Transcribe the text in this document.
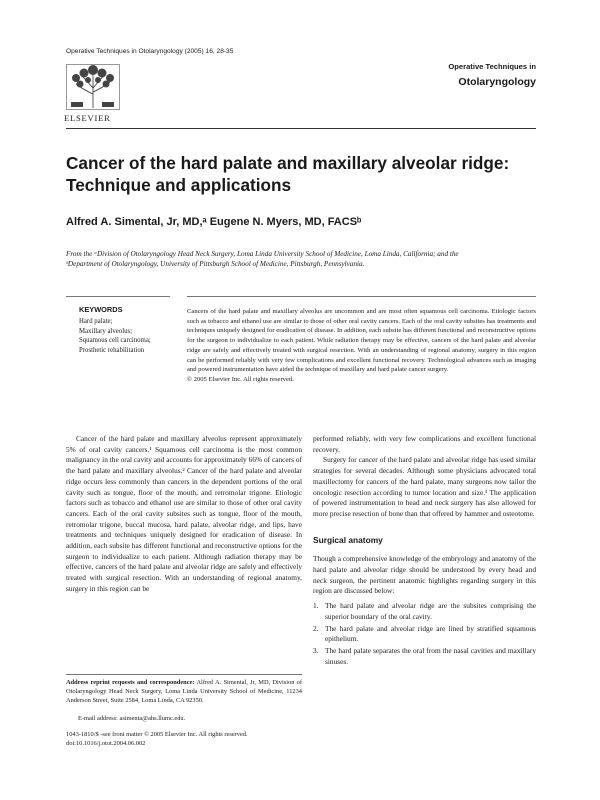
Operative Techniques in Otolaryngology (2005) 16, 28-35
ELSEVIER
Operative Techniques in
Otolaryngology
Cancer of the hard palate and maxillary alveolar ridge: Technique and applications
Alfred A. Simental, Jr, MD,ᵃ Eugene N. Myers, MD, FACSᵇ
From the ᵃDivision of Otolaryngology Head Neck Surgery, Loma Linda University School of Medicine, Loma Linda, California; and the
ᵇDepartment of Otolaryngology, University of Pittsburgh School of Medicine, Pittsburgh, Pennsylvania.
KEYWORDS
Hard palate;
Maxillary alveolus;
Squamous cell carcinoma;
Prosthetic rehabilitation
Cancers of the hard palate and maxillary alveolus are uncommon and are most often squamous cell carcinoma. Etiologic factors such as tobacco and ethanol use are similar to those of other oral cavity cancers. Each of the oral cavity subsites has treatments and techniques uniquely designed for eradication of disease. In addition, each subsite has different functional and reconstructive options for the surgeon to individualize to each patient. While radiation therapy may be effective, cancers of the hard palate and alveolar ridge are safely and effectively treated with surgical resection. With an understanding of regional anatomy, surgery in this region can be performed reliably with very few complications and excellent functional recovery. Technological advances such as imaging and powered instrumentation have aided the technique of maxillary and hard palate cancer surgery.
© 2005 Elsevier Inc. All rights reserved.

Cancer of the hard palate and maxillary alveolus represent approximately 5% of oral cavity cancers.¹ Squamous cell carcinoma is the most common malignancy in the oral cavity and accounts for approximately 66% of cancers of the hard palate and maxillary alveolus.² Cancer of the hard palate and alveolar ridge occurs less commonly than cancers in the dependent portions of the oral cavity such as tongue, floor of the mouth, and retromolar trigone. Etiologic factors such as tobacco and ethanol use are similar to those of other oral cavity cancers. Each of the oral cavity subsites such as tongue, floor of the mouth, retromolar trigone, buccal mucosa, hard palate, alveolar ridge, and lips, have treatments and techniques uniquely designed for eradication of disease. In addition, each subsite has different functional and reconstructive options for the surgeon to individualize to each patient. Although radiation therapy may be effective, cancers of the hard palate and alveolar ridge are safely and effectively treated with surgical resection. With an understanding of regional anatomy, surgery in this region can be

performed reliably, with very few complications and excellent functional recovery.

Surgery for cancer of the hard palate and alveolar ridge has used similar strategies for several decades. Although some physicians advocated total maxillectomy for cancers of the hard palate, many surgeons now tailor the oncologic resection according to tumor location and size.³ The application of powered instrumentation to head and neck surgery has also allowed for more precise resection of bone than that offered by hammer and osteotome.

Surgical anatomy

Though a comprehensive knowledge of the embryology and anatomy of the hard palate and alveolar ridge should be understood by every head and neck surgeon, the pertinent anatomic highlights regarding surgery in this region are discussed below:

1. The hard palate and alveolar ridge are the subsites comprising the superior boundary of the oral cavity.
2. The hard palate and alveolar ridge are lined by stratified squamous epithelium.
3. The hard palate separates the oral from the nasal cavities and maxillary sinuses.
Address reprint requests and correspondence: Alfred A. Simental, Jr, MD, Division of Otolaryngology Head Neck Surgery, Loma Linda University School of Medicine, 11234 Anderson Street, Suite 2584, Loma Linda, CA 92350.
E-mail address: asimenta@ahs.llumc.edu.
1043-1810/$ -see front matter © 2005 Elsevier Inc. All rights reserved.
doi:10.1016/j.otot.2004.06.002
